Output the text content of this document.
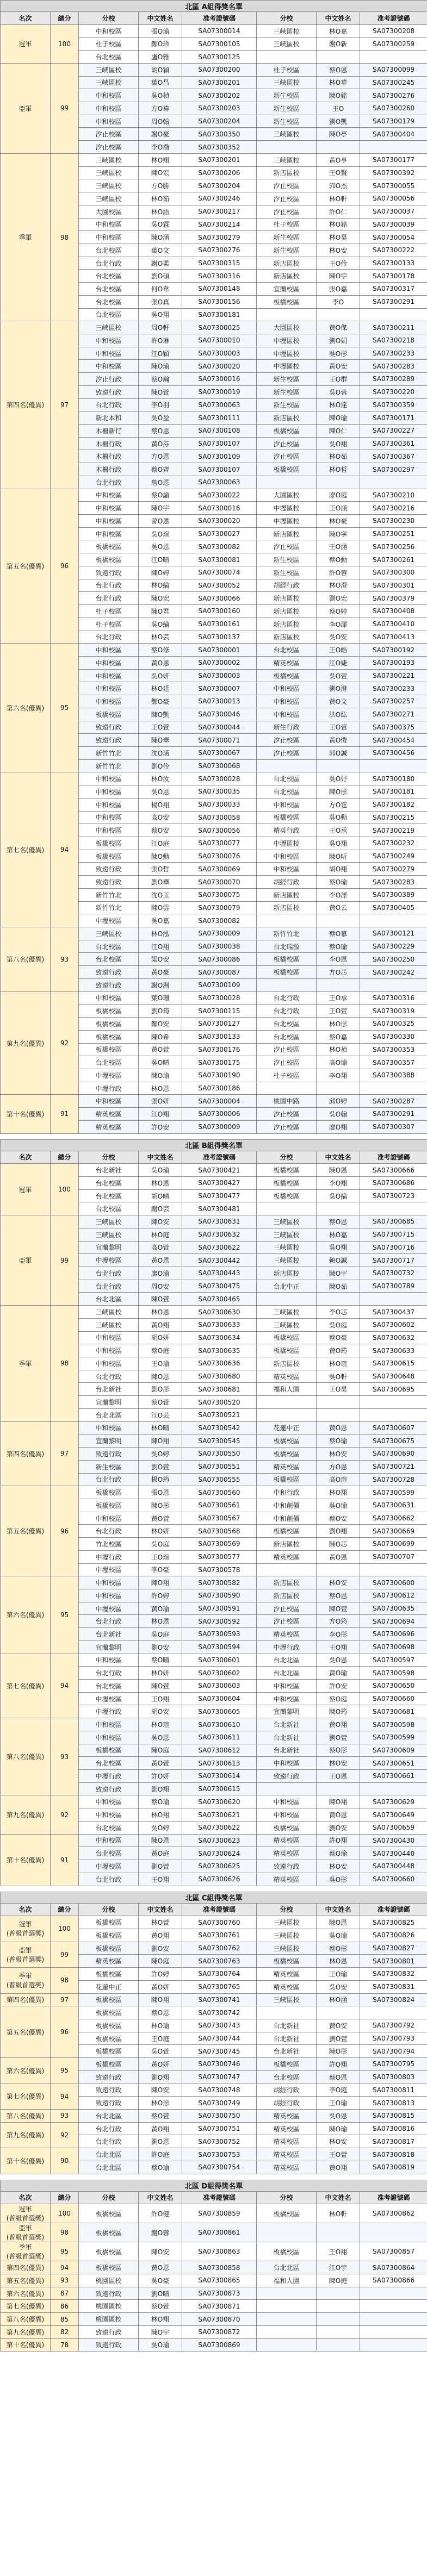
北區 A組得獎名單							
名次	總分	分校	中文姓名	准考證號碼	分校	中文姓名	准考證號碼
冠軍	100	中和校區	張O瑜	SA07300014	三峽區校	林O嘉	SA07300208
		杜子校區	鄭O珍	SA07300105	三峽區校	謝O新	SA07300259
		台北校區	盧O雅	SA07300125			
亞軍	99	三峽區校	胡O穎	SA07300200	杜子校區	蔡O恩	SA07300099
		三峽區校	葉O昌	SA07300201	三峽區校	林O華	SA07300245
		中和校區	吳O楨	SA07300202	新生校區	陳O銘	SA07300276
		中和校區	方O禕	SA07300203	新生校區	王O	SA07300260
		中和校區	周O翰	SA07300204	新生校區	劉O凱	SA07300179
		汐止校區	謝O豪	SA07300350	三峽區校	陳O亭	SA07300404
		汐止校區	李O喬	SA07300352			
季軍	98	三峽區校	林O翔	SA07300201	三峽區校	黃O亨	SA07300177
		三峽區校	陳O宏	SA07300206	新店區校	王O賢	SA07300392
		三峽區校	方O勝	SA07300204	汐止校區	郭O杰	SA07300055
		三峽區校	林O茹	SA07300246	汐止校區	林O軒	SA07300056
		大園校區	林O語	SA07300217	汐止校區	許O仁	SA07300037
		中和校區	吳O霖	SA07300214	杜子校區	林O銘	SA07300039
		中和校區	陳O涵	SA07300279	新生校區	林O昊	SA07300054
		台北校區	葉O文	SA07300276	新生校區	林O安	SA07300222
		台北行政	謝O柔	SA07300315	新店區校	王O伶	SA07300133
		台北校區	劉O碩	SA07300316	新店區校	陳O宇	SA07300178
		台北校區	何O韋	SA07300148	宜蘭校區	張O嘉	SA07300317
		台北校區	張O真	SA07300156	板橋校區	李O	SA07300291
		台北校區	吳O翔	SA07300181			
第四名(優異)	97	三峽區校	周O軒	SA07300025	大園區校	黃O傑	SA07300211
		中和校區	許O琳	SA07300010	中壢區校	劉O娟	SA07300218
		中和校區	江O穎	SA07300003	中壢區校	吳O彤	SA07300233
		中和校區	陳O瑜	SA07300020	中壢區校	黃O安	SA07300283
		汐止行政	蔡O瀚	SA07300016	新生校區	王O群	SA07300289
		致遠行政	陳O萱	SA07300019	新生校區	吳O蓉	SA07300220
		台北行政	李O羽	SA07300063	新生校區	林O達	SA07300359
		新北本和	吳O盈	SA07300111	新店區校	陳O瑜	SA07300171
		木柵新行	蔡O恩	SA07300108	板橋校區	陳O仁	SA07300227
		木柵行政	黃O芬	SA07300107	汐止校區	吳O翔	SA07300361
		木柵行政	方O恩	SA07300109	汐止校區	林O茹	SA07300367
		木柵行政	蔡O齊	SA07300107	板橋校區	林O哲	SA07300297
		台北行政	詹O恩	SA07300063			
第五名(優異)	96	中和校區	蔡O諭	SA07300022	大園區校	廖O庭	SA07300210
		中和校區	陳O宇	SA07300016	中壢區校	王O涵	SA07300216
		中和校區	曾O恩	SA07300020	中壢區校	林O豪	SA07300230
		中和校區	吳O瑄	SA07300027	新店區校	陳O寧	SA07300251
		板橋校區	吳O恩	SA07300082	汐止校區	王O涵	SA07300256
		板橋校區	江O晴	SA07300081	新生校區	蔡O勳	SA07300261
		致遠行政	陳O婷	SA07300074	新生校區	許O蓉	SA07300300
		台北行政	林O綸	SA07300052	胡經行政	林O澄	SA07300301
		台北行政	陳O宏	SA07300066	新店區校	劉O宏	SA07300379
		杜子校區	陳O君	SA07300160	新店區校	蔡O婷	SA07300408
		杜子校區	吳O綸	SA07300161	新店區校	李O澤	SA07300410
		台北行政	林O芸	SA07300137	新店區校	吳O安	SA07300413
第六名(優異)	95	中和校區	蔡O修	SA07300001	台北校區	王O皓	SA07300192
		中和校區	黃O恩	SA07300002	精英校區	江O婕	SA07300193
		中和校區	吳O妍	SA07300003	板橋校區	吳O萱	SA07300221
		中和校區	林O廷	SA07300007	中和校區	劉O澄	SA07300233
		中和校區	鄭O豪	SA07300013	中和校區	黃O文	SA07300257
		板橋校區	陳O凱	SA07300046	中和校區	洪O紘	SA07300271
		致遠行政	王O萱	SA07300044	新生行政	王O萱	SA07300375
		致遠行政	陳O華	SA07300071	汐止校區	黃O愷	SA07300454
		新竹竹北	沈O涵	SA07300067	汐止校區	郭O誠	SA07300456
		新竹竹北	劉O伶	SA07300068			
第七名(優異)	94	中和校區	林O汝	SA07300028	台北校區	吳O妤	SA07300180
		中和校區	吳O恩	SA07300035	台北校區	陳O彤	SA07300181
		中和校區	楊O翔	SA07300033	中和校區	方O霆	SA07300182
		中和校區	高O安	SA07300058	板橋校區	吳O勳	SA07300215
		中和校區	蔡O安	SA07300056	精英行政	王O承	SA07300219
		板橋校區	江O庭	SA07300077	中壢區校	吳O翔	SA07300232
		板橋校區	陳O勳	SA07300076	中和校區	陳O昕	SA07300249
		致遠行政	張O哲	SA07300069	中和校區	胡O翔	SA07300279
		致遠行政	劉O華	SA07300070	胡經行政	蔡O瑜	SA07300283
		新竹竹北	沈O玉	SA07300075	新店區校	李O澤	SA07300389
		新竹竹北	陳O雲	SA07300079	新店區校	黃O云	SA07300405
		中壢校區	吳O嘉	SA07300082			
第八名(優異)	93	三峽區校	林O泓	SA07300009	新竹竹北	蔡O慕	SA07300121
		台北校區	江O翔	SA07300038	台北瑞源	蔡O瑜	SA07300229
		台北校區	梁O安	SA07300086	板橋校區	李O恩	SA07300250
		致遠行政	黃O豪	SA07300087	板橋校區	方O芯	SA07300242
		致遠行政	謝O洲	SA07300109			
第九名(優異)	92	中和校區	葉O珊	SA07300028	台北行政	王O承	SA07300316
		板橋校區	劉O筠	SA07300115	台北行政	王O萱	SA07300319
		板橋校區	鄭O安	SA07300127	台北校區	林O彤	SA07300325
		板橋校區	陳O希	SA07300133	台北校區	蔡O嘉	SA07300330
		板橋校區	黃O萱	SA07300176	汐止校區	林O禎	SA07300353
		台北校區	吳O晴	SA07300175	汐止校區	高O瑜	SA07300357
		中壢校區	陳O瑜	SA07300190	杜子校區	李O翔	SA07300388
		中壢行政	林O恩	SA07300186			
第十名(優異)	91	中和校區	張O妍	SA07300004	桃園中路	邱O婷	SA07300287
		精英校區	江O翔	SA07300006	汐止校區	吳O翰	SA07300291
		精英校區	許O安	SA07300009	汐止校區	廖O翔	SA07300307
北區 B組得獎名單							
名次	總分	分校	中文姓名	准考證號碼	分校	中文姓名	准考證號碼
冠軍	100	台北新社	吳O瑜	SA07300421	板橋校區	陳O恩	SA07300666
		台北校區	林O恩	SA07300427	板橋校區	李O翔	SA07300686
		台北校區	胡O晴	SA07300477	板橋校區	吳O綸	SA07300723
		台北校區	謝O芸	SA07300481			
亞軍	99	三峽區校	陳O安	SA07300631	三峽區校	蔡O恩	SA07300685
		三峽區校	林O庭	SA07300632	三峽區校	林O嘉	SA07300715
		宜蘭黎明	高O萱	SA07300622	三峽區校	吳O翔	SA07300716
		中壢校區	黃O恩	SA07300442	三峽區校	賴O誠	SA07300717
		台北行政	廖O瑜	SA07300443	新店區校	陳O宇	SA07300732
		台北行政	周O安	SA07300475	台北中正	陳O茹	SA07300789
		台北北區	陳O萱	SA07300465			
季軍	98	三峽區校	林O恩	SA07300630	三峽區校	李O芯	SA07300437
		三峽區校	黃O翔	SA07300633	三峽區校	吳O庭	SA07300602
		中和校區	胡O妍	SA07300634	板橋校區	蔡O豪	SA07300632
		中和校區	蔡O庭	SA07300635	板橋校區	黃O筠	SA07300633
		中和校區	王O瑜	SA07300636	新店區校	林O瑄	SA07300615
		台北行政	陳O恩	SA07300680	精英校區	吳O軒	SA07300648
		台北新社	劉O彤	SA07300681	福和人園	王O昊	SA07300695
		宜蘭黎明	蔡O萱	SA07300520			
		台北北區	江O芸	SA07300521			
第四名(優異)	97	中和校區	林O晴	SA07300542	花蓮中正	黃O恩	SA07300607
		宜蘭黎明	陳O翔	SA07300545	板橋校區	蔡O瑜	SA07300675
		致遠行政	吳O婷	SA07300550	板橋校區	林O安	SA07300690
		新生校區	劉O萱	SA07300551	精英校區	方O恩	SA07300721
		台北行政	楊O筠	SA07300555	板橋校區	高O瑄	SA07300728
第五名(優異)	96	板橋校區	張O恩	SA07300560	中和行政	林O翔	SA07300599
		板橋校區	陳O彤	SA07300561	中和創價	吳O瑜	SA07300631
		中和校區	黃O萱	SA07300567	中和創價	蔡O安	SA07300662
		台北行政	林O妍	SA07300568	板橋校區	劉O翔	SA07300669
		竹北校區	吳O庭	SA07300569	新店區校	陳O芯	SA07300699
		中壢行政	王O瑄	SA07300577	精英校區	黃O恩	SA07300707
		中壢校區	李O豪	SA07300578			
第六名(優異)	95	中和校區	陳O翔	SA07300582	新店區校	林O安	SA07300600
		中和校區	許O婷	SA07300590	新店區校	蔡O恩	SA07300612
		中壢校區	黃O瑜	SA07300591	汐止校區	陳O萱	SA07300635
		台北行政	林O恩	SA07300592	汐止校區	方O筠	SA07300694
		台北新社	吳O庭	SA07300593	精英校區	李O彤	SA07300696
		宜蘭黎明	劉O安	SA07300594	中壢行政	王O翔	SA07300698
第七名(優異)	94	中和校區	蔡O晴	SA07300601	台北北區	吳O恩	SA07300597
		台北行政	林O妍	SA07300602	台北北區	黃O瑜	SA07300598
		台北校區	陳O萱	SA07300603	中和校區	許O安	SA07300650
		中壢校區	王O翔	SA07300604	中和校區	蔡O庭	SA07300660
		中壢行政	胡O安	SA07300605	宜蘭黎明	陳O筠	SA07300681
第八名(優異)	93	中和校區	林O瑄	SA07300610	台北新社	黃O翔	SA07300598
		中和校區	吳O恩	SA07300611	台北新社	劉O萱	SA07300599
		板橋校區	陳O庭	SA07300612	台北新社	蔡O彤	SA07300609
		台北校區	黃O萱	SA07300613	中和校區	林O安	SA07300651
		中壢行政	許O妍	SA07300614	致遠行政	王O恩	SA07300661
		致遠行政	劉O翔	SA07300615			
第九名(優異)	92	中和校區	蔡O瑜	SA07300620	中和校區	陳O翔	SA07300629
		中和校區	林O翔	SA07300621	中和校區	黃O恩	SA07300649
		台北校區	吳O婷	SA07300622	板橋校區	劉O安	SA07300659
第十名(優異)	91	中和校區	陳O恩	SA07300623	精英校區	許O翔	SA07300430
		台北校區	黃O庭	SA07300624	精英校區	蔡O瑜	SA07300440
		中壢校區	劉O萱	SA07300625	致遠行政	林O安	SA07300448
		台北行政	王O翔	SA07300626	精英校區	吳O彤	SA07300660
北區 C組得獎名單							
名次	總分	分校	中文姓名	准考證號碼	分校	中文姓名	准考證號碼
冠軍
(普級首選獎)	100	板橋校區	林O萱	SA07300760	三峽區校	陳O恩	SA07300825
		板橋校區	黃O翔	SA07300761	三峽區校	吳O瑜	SA07300826
亞軍
(普級首選獎)	99	板橋校區	劉O安	SA07300762	三峽區校	蔡O彤	SA07300827
		精英校區	陳O庭	SA07300763	板橋校區	林O恩	SA07300801
季軍
(普級首選獎)	98	板橋校區	許O婷	SA07300764	精英校區	王O瑜	SA07300832
		花蓮中正	黃O妍	SA07300765	精英校區	吳O安	SA07300831
第四名(優異)	97	板橋校區	陳O翔	SA07300741	三峽區校	林O涵	SA07300824
第五名(優異)	96	板橋校區	蔡O恩	SA07300742			
		板橋校區	林O瑜	SA07300743	台北新社	黃O安	SA07300792
		板橋校區	王O庭	SA07300744	台北新社	劉O萱	SA07300793
		板橋校區	吳O萱	SA07300745	台北新社	陳O彤	SA07300794
第六名(優異)	95	板橋校區	黃O妍	SA07300746	板橋校區	許O翔	SA07300795
		致遠行政	劉O翔	SA07300747	台北校區	蔡O恩	SA07300803
第七名(優異)	94	致遠行政	陳O安	SA07300748	胡經行政	李O庭	SA07300811
		致遠行政	林O彤	SA07300749	胡經行政	王O瑜	SA07300813
第八名(優異)	93	台北北區	蔡O萱	SA07300750	精英校區	吳O恩	SA07300815
第九名(優異)	92	台北行政	黃O翔	SA07300751	精英校區	陳O瑜	SA07300816
		台北行政	劉O恩	SA07300752	精英校區	林O安	SA07300817
第十名(優異)	90	台北北區	許O庭	SA07300753	精英校區	王O萱	SA07300818
		台北北區	蔡O瑜	SA07300754	精英校區	黃O翔	SA07300819
北區 D組得獎名單							
名次	總分	分校	中文姓名	准考證號碼	分校	中文姓名	准考證號碼
冠軍
(普級首選獎)	100	板橋校區	許O健	SA07300859	板橋校區	林O軒	SA07300862
亞軍
(普級首選獎)	98	板橋校區	謝O蓉	SA07300861			
季軍
(普級首選獎)	95	板橋校區	陳O安	SA07300863	板橋校區	王O翔	SA07300857
第四名(優異)	94	板橋校區	黃O恩	SA07300858	台北北區	江O宇	SA07300864
第五名(優異)	93	桃園區校	吳O豪	SA07300865	福和人園	陳O庭	SA07300866
第六名(優異)	87	致遠行政	劉O晴	SA07300873			
第七名(優異)	86	桃園區校	蔡O萱	SA07300871			
第八名(優異)	85	桃園區校	林O翔	SA07300870			
第九名(優異)	82	致遠行政	陳O宇	SA07300872			
第十名(優異)	78	致遠行政	吳O瑜	SA07300869			
